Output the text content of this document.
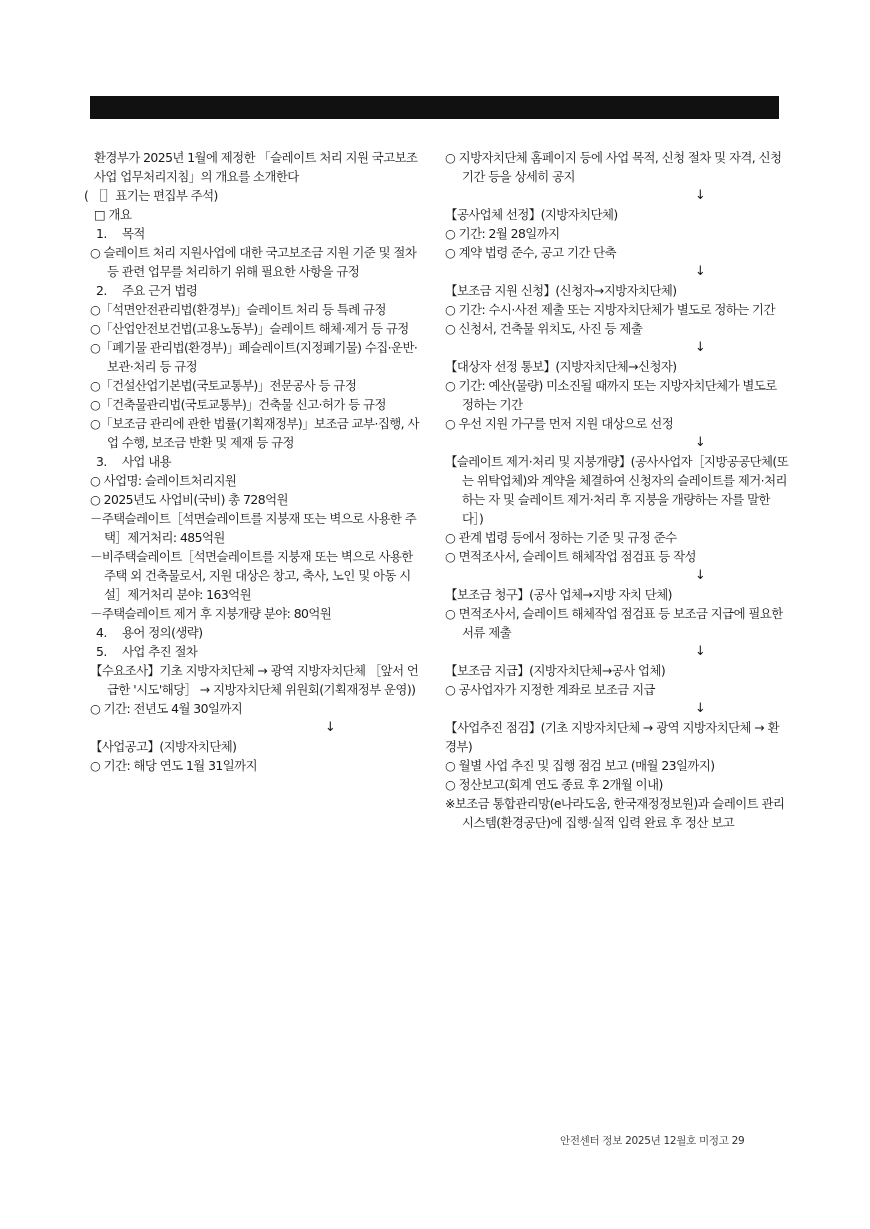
환경부가 2025년 1월에 제정한 「슬레이트 처리 지원 국고보조사업 업무처리지침」의 개요를 소개한다

( ［］표기는 편집부 주석)

□ 개요

1. 목적

○ 슬레이트 처리 지원사업에 대한 국고보조금 지원 기준 및 절차 등 관련 업무를 처리하기 위해 필요한 사항을 규정

2. 주요 근거 법령

○「석면안전관리법(환경부)」슬레이트 처리 등 특례 규정

○「산업안전보건법(고용노동부)」슬레이트 해체·제거 등 규정

○「폐기물 관리법(환경부)」폐슬레이트(지정폐기물) 수집·운반·보관·처리 등 규정

○「건설산업기본법(국토교통부)」전문공사 등 규정

○「건축물관리법(국토교통부)」건축물 신고·허가 등 규정

○「보조금 관리에 관한 법률(기획재정부)」보조금 교부·집행, 사업 수행, 보조금 반환 및 제재 등 규정

3. 사업 내용

○ 사업명: 슬레이트처리지원

○ 2025년도 사업비(국비) 총 728억원

－주택슬레이트［석면슬레이트를 지붕재 또는 벽으로 사용한 주택］제거처리: 485억원

－비주택슬레이트［석면슬레이트를 지붕재 또는 벽으로 사용한 주택 외 건축물로서, 지원 대상은 창고, 축사, 노인 및 아동 시설］제거처리 분야: 163억원

－주택슬레이트 제거 후 지붕개량 분야: 80억원

4. 용어 정의(생략)

5. 사업 추진 절차

【수요조사】기초 지방자치단체 → 광역 지방자치단체 ［앞서 언급한 '시도'해당］ → 지방자치단체 위원회(기획재정부 운영))

○ 기간: 전년도 4월 30일까지

↓

【사업공고】(지방자치단체)

○ 기간: 해당 연도 1월 31일까지

○ 지방자치단체 홈페이지 등에 사업 목적, 신청 절차 및 자격, 신청 기간 등을 상세히 공지

↓

【공사업체 선정】(지방자치단체)

○ 기간: 2월 28일까지

○ 계약 법령 준수, 공고 기간 단축

↓

【보조금 지원 신청】(신청자→지방자치단체)

○ 기간: 수시·사전 제출 또는 지방자치단체가 별도로 정하는 기간

○ 신청서, 건축물 위치도, 사진 등 제출

↓

【대상자 선정 통보】(지방자치단체→신청자)

○ 기간: 예산(물량) 미소진될 때까지 또는 지방자치단체가 별도로 정하는 기간

○ 우선 지원 가구를 먼저 지원 대상으로 선정

↓

【슬레이트 제거·처리 및 지붕개량】(공사사업자［지방공공단체(또는 위탁업체)와 계약을 체결하여 신청자의 슬레이트를 제거·처리하는 자 및 슬레이트 제거·처리 후 지붕을 개량하는 자를 말한다］)

○ 관계 법령 등에서 정하는 기준 및 규정 준수

○ 면적조사서, 슬레이트 해체작업 점검표 등 작성

↓

【보조금 청구】(공사 업체→지방 자치 단체)

○ 면적조사서, 슬레이트 해체작업 점검표 등 보조금 지급에 필요한 서류 제출

↓

【보조금 지급】(지방자치단체→공사 업체)

○ 공사업자가 지정한 계좌로 보조금 지급

↓

【사업추진 점검】(기초 지방자치단체 → 광역 지방자치단체 → 환경부)

○ 월별 사업 추진 및 집행 점검 보고 (매월 23일까지)

○ 정산보고(회계 연도 종료 후 2개월 이내)

※보조금 통합관리망(e나라도움, 한국재정정보원)과 슬레이트 관리시스템(환경공단)에 집행·실적 입력 완료 후 정산 보고

안전센터 정보 2025년 12월호 미정고 29
